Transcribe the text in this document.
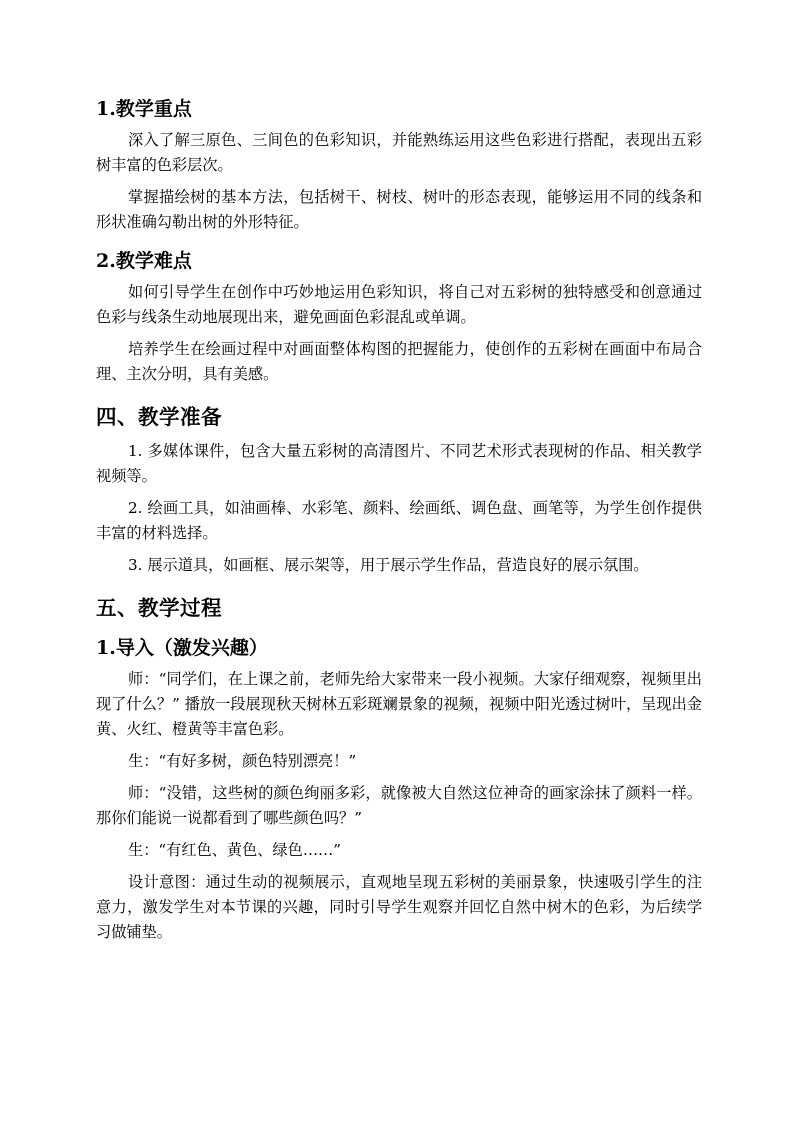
1.教学重点

深入了解三原色、三间色的色彩知识，并能熟练运用这些色彩进行搭配，表现出五彩树丰富的色彩层次。

掌握描绘树的基本方法，包括树干、树枝、树叶的形态表现，能够运用不同的线条和形状准确勾勒出树的外形特征。

2.教学难点

如何引导学生在创作中巧妙地运用色彩知识，将自己对五彩树的独特感受和创意通过色彩与线条生动地展现出来，避免画面色彩混乱或单调。

培养学生在绘画过程中对画面整体构图的把握能力，使创作的五彩树在画面中布局合理、主次分明，具有美感。

四、教学准备

1. 多媒体课件，包含大量五彩树的高清图片、不同艺术形式表现树的作品、相关教学视频等。

2. 绘画工具，如油画棒、水彩笔、颜料、绘画纸、调色盘、画笔等，为学生创作提供丰富的材料选择。

3. 展示道具，如画框、展示架等，用于展示学生作品，营造良好的展示氛围。

五、教学过程
1.导入（激发兴趣）

师：“同学们，在上课之前，老师先给大家带来一段小视频。大家仔细观察，视频里出现了什么？” 播放一段展现秋天树林五彩斑斓景象的视频，视频中阳光透过树叶，呈现出金黄、火红、橙黄等丰富色彩。

生：“有好多树，颜色特别漂亮！”

师：“没错，这些树的颜色绚丽多彩，就像被大自然这位神奇的画家涂抹了颜料一样。那你们能说一说都看到了哪些颜色吗？”

生：“有红色、黄色、绿色……”

设计意图：通过生动的视频展示，直观地呈现五彩树的美丽景象，快速吸引学生的注意力，激发学生对本节课的兴趣，同时引导学生观察并回忆自然中树木的色彩，为后续学习做铺垫。
